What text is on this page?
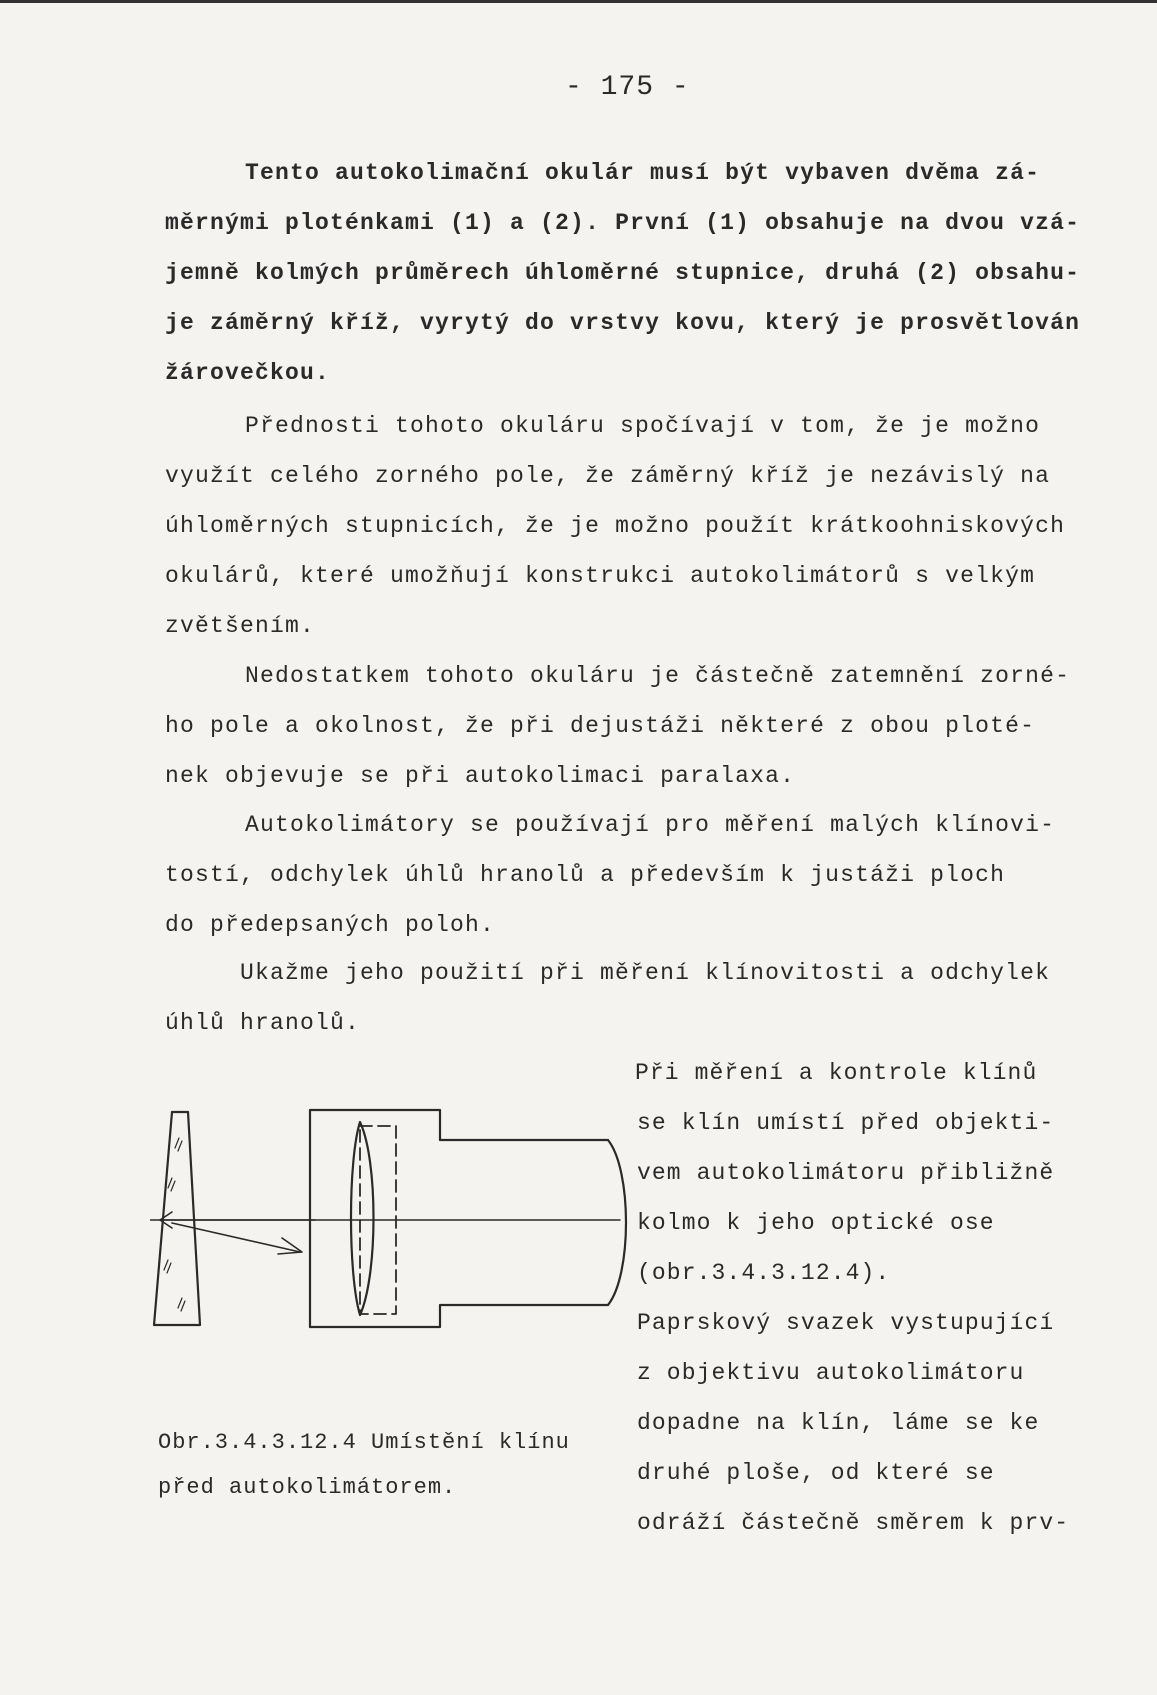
- 175 -
Tento autokolimační okulár musí být vybaven dvěma zá-
měrnými ploténkami (1) a (2). První (1) obsahuje na dvou vzá-
jemně kolmých průměrech úhloměrné stupnice, druhá (2) obsahu-
je záměrný kříž, vyrytý do vrstvy kovu, který je prosvětlován
žárovečkou.
Přednosti tohoto okuláru spočívají v tom, že je možno
využít celého zorného pole, že záměrný kříž je nezávislý na
úhloměrných stupnicích, že je možno použít krátkoohniskových
okulárů, které umožňují konstrukci autokolimátorů s velkým
zvětšením.
Nedostatkem tohoto okuláru je částečně zatemnění zorné-
ho pole a okolnost, že při dejustáži některé z obou ploté-
nek objevuje se při autokolimaci paralaxa.
Autokolimátory se používají pro měření malých klínovi-
tostí, odchylek úhlů hranolů a především k justáži ploch
do předepsaných poloh.
Ukažme jeho použití při měření klínovitosti a odchylek
úhlů hranolů.
Při měření a kontrole klínů
se klín umístí před objekti-
vem autokolimátoru přibližně
kolmo k jeho optické ose
(obr.3.4.3.12.4).
Paprskový svazek vystupující
z objektivu autokolimátoru
dopadne na klín, láme se ke
druhé ploše, od které se
odráží částečně směrem k prv-
Obr.3.4.3.12.4 Umístění klínu
před autokolimátorem.
